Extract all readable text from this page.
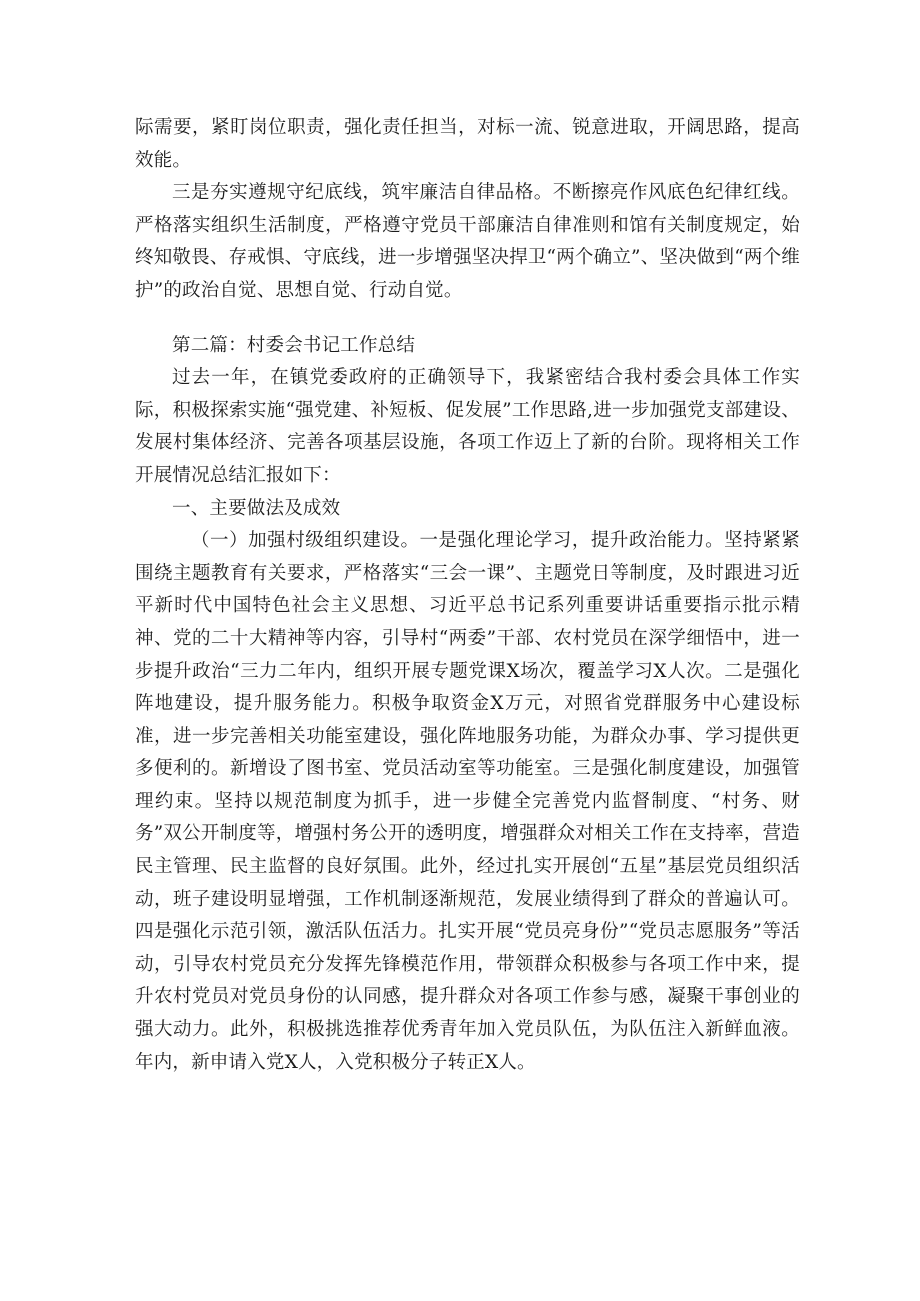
际需要，紧盯岗位职责，强化责任担当，对标一流、锐意进取，开阔思路，提高效能。

三是夯实遵规守纪底线，筑牢廉洁自律品格。不断擦亮作风底色纪律红线。严格落实组织生活制度，严格遵守党员干部廉洁自律准则和馆有关制度规定，始终知敬畏、存戒惧、守底线，进一步增强坚决捍卫“两个确立”、坚决做到“两个维护”的政治自觉、思想自觉、行动自觉。

第二篇：村委会书记工作总结

过去一年，在镇党委政府的正确领导下，我紧密结合我村委会具体工作实际，积极探索实施“强党建、补短板、促发展”工作思路,进一步加强党支部建设、发展村集体经济、完善各项基层设施，各项工作迈上了新的台阶。现将相关工作开展情况总结汇报如下：

一、主要做法及成效

（一）加强村级组织建设。一是强化理论学习，提升政治能力。坚持紧紧围绕主题教育有关要求，严格落实“三会一课”、主题党日等制度，及时跟进习近平新时代中国特色社会主义思想、习近平总书记系列重要讲话重要指示批示精神、党的二十大精神等内容，引导村“两委”干部、农村党员在深学细悟中，进一步提升政治“三力二年内，组织开展专题党课X场次，覆盖学习X人次。二是强化阵地建设，提升服务能力。积极争取资金X万元，对照省党群服务中心建设标准，进一步完善相关功能室建设，强化阵地服务功能，为群众办事、学习提供更多便利的。新增设了图书室、党员活动室等功能室。三是强化制度建设，加强管理约束。坚持以规范制度为抓手，进一步健全完善党内监督制度、“村务、财务”双公开制度等，增强村务公开的透明度，增强群众对相关工作在支持率，营造民主管理、民主监督的良好氛围。此外，经过扎实开展创“五星”基层党员组织活动，班子建设明显增强，工作机制逐渐规范，发展业绩得到了群众的普遍认可。四是强化示范引领，激活队伍活力。扎实开展“党员亮身份”“党员志愿服务”等活动，引导农村党员充分发挥先锋模范作用，带领群众积极参与各项工作中来，提升农村党员对党员身份的认同感，提升群众对各项工作参与感，凝聚干事创业的强大动力。此外，积极挑选推荐优秀青年加入党员队伍，为队伍注入新鲜血液。年内，新申请入党X人，入党积极分子转正X人。
